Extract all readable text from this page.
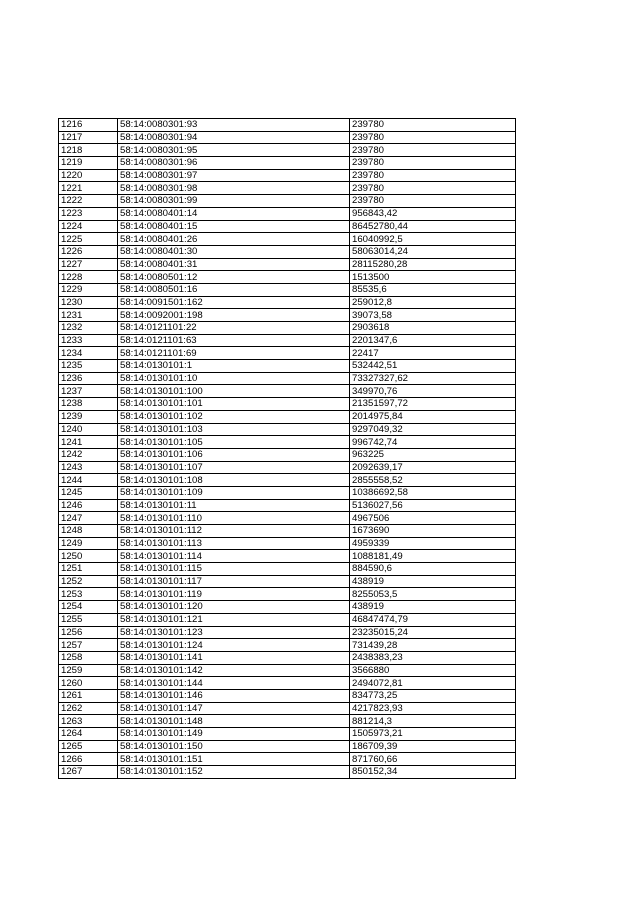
1216	58:14:0080301:93	239780
1217	58:14:0080301:94	239780
1218	58:14:0080301:95	239780
1219	58:14:0080301:96	239780
1220	58:14:0080301:97	239780
1221	58:14:0080301:98	239780
1222	58:14:0080301:99	239780
1223	58:14:0080401:14	956843,42
1224	58:14:0080401:15	86452780,44
1225	58:14:0080401:26	16040992,5
1226	58:14:0080401:30	58063014,24
1227	58:14:0080401:31	28115280,28
1228	58:14:0080501:12	1513500
1229	58:14:0080501:16	85535,6
1230	58:14:0091501:162	259012,8
1231	58:14:0092001:198	39073,58
1232	58:14:0121101:22	2903618
1233	58:14:0121101:63	2201347,6
1234	58:14:0121101:69	22417
1235	58:14:0130101:1	532442,51
1236	58:14:0130101:10	73327327,62
1237	58:14:0130101:100	349970,76
1238	58:14:0130101:101	21351597,72
1239	58:14:0130101:102	2014975,84
1240	58:14:0130101:103	9297049,32
1241	58:14:0130101:105	996742,74
1242	58:14:0130101:106	963225
1243	58:14:0130101:107	2092639,17
1244	58:14:0130101:108	2855558,52
1245	58:14:0130101:109	10386692,58
1246	58:14:0130101:11	5136027,56
1247	58:14:0130101:110	4967506
1248	58:14:0130101:112	1673690
1249	58:14:0130101:113	4959339
1250	58:14:0130101:114	1088181,49
1251	58:14:0130101:115	884590,6
1252	58:14:0130101:117	438919
1253	58:14:0130101:119	8255053,5
1254	58:14:0130101:120	438919
1255	58:14:0130101:121	46847474,79
1256	58:14:0130101:123	23235015,24
1257	58:14:0130101:124	731439,28
1258	58:14:0130101:141	2438383,23
1259	58:14:0130101:142	3566880
1260	58:14:0130101:144	2494072,81
1261	58:14:0130101:146	834773,25
1262	58:14:0130101:147	4217823,93
1263	58:14:0130101:148	881214,3
1264	58:14:0130101:149	1505973,21
1265	58:14:0130101:150	186709,39
1266	58:14:0130101:151	871760,66
1267	58:14:0130101:152	850152,34
